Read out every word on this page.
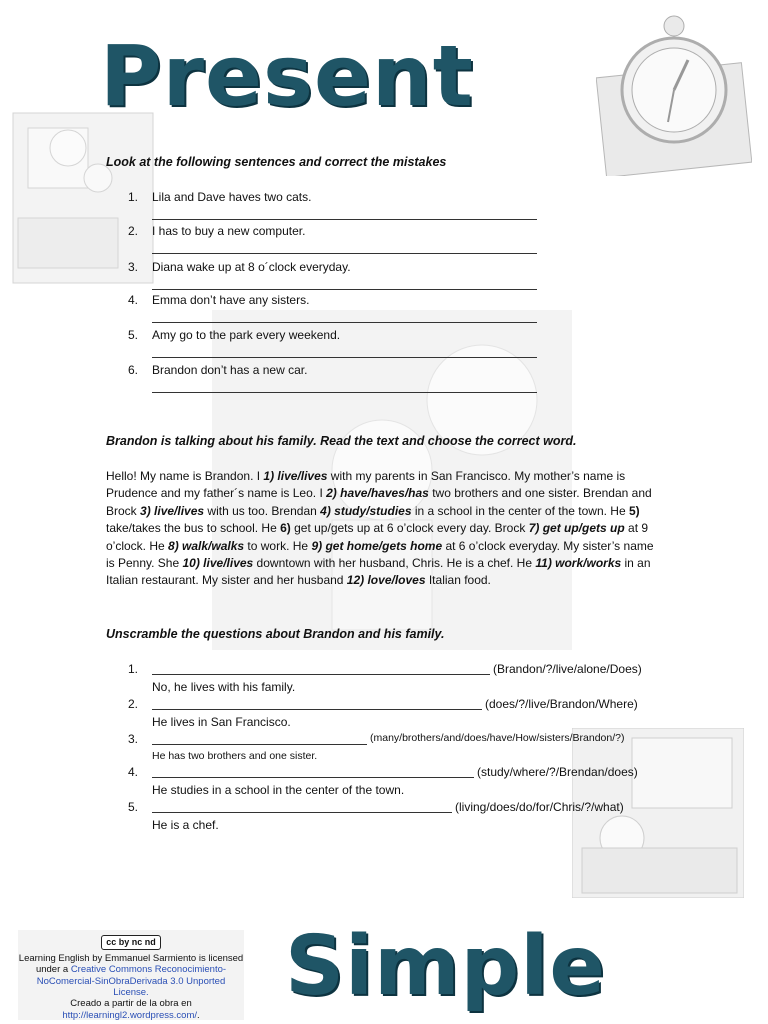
Present
Simple
Look at the following sentences and correct the mistakes
1. Lila and Dave haves two cats.
2. I has to buy a new computer.
3. Diana wake up at 8 o´clock everyday.
4. Emma don’t have any sisters.
5. Amy go to the park every weekend.
6. Brandon don’t has a new car.
Brandon is talking about his family. Read the text and choose the correct word.
Hello! My name is Brandon. I 1) live/lives with my parents in San Francisco. My mother’s name is Prudence and my father´s name is Leo. I 2) have/haves/has two brothers and one sister. Brendan and Brock 3) live/lives with us too. Brendan 4) study/studies in a school in the center of the town. He 5) take/takes the bus to school. He 6) get up/gets up at 6 o’clock every day. Brock 7) get up/gets up at 9 o’clock. He 8) walk/walks to work. He 9) get home/gets home at 6 o’clock everyday. My sister’s name is Penny. She 10) live/lives downtown with her husband, Chris. He is a chef. He 11) work/works in an Italian restaurant. My sister and her husband 12) love/loves Italian food.
Unscramble the questions about Brandon and his family.
1.	(Brandon/?/live/alone/Does)
No, he lives with his family.
2.	(does/?/live/Brandon/Where)
He lives in San Francisco.
3.	(many/brothers/and/does/have/How/sisters/Brandon/?)
He has two brothers and one sister.
4.	(study/where/?/Brendan/does)
He studies in a school in the center of the town.
5.	(living/does/do/for/Chris/?/what)
He is a chef.
cc by nc nd
Learning English by Emmanuel Sarmiento is licensed under a Creative Commons Reconocimiento-NoComercial-SinObraDerivada 3.0 Unported License.
Creado a partir de la obra en
http://learningl2.wordpress.com/.
